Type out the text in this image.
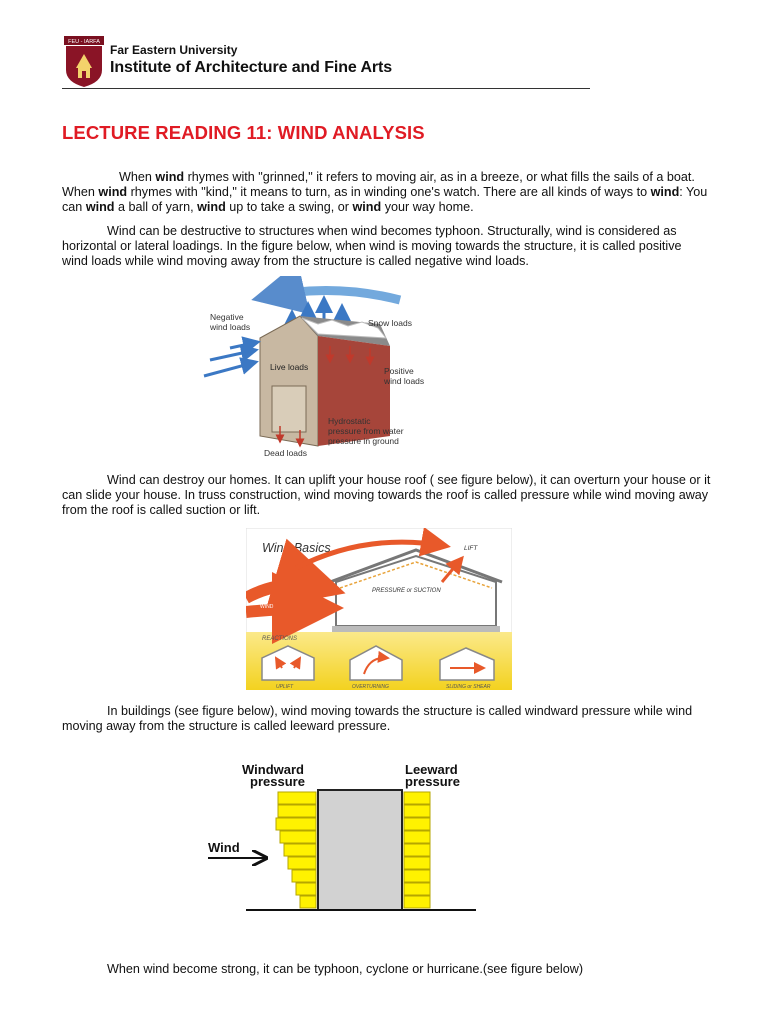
FEU - IARFA
Far Eastern University
Institute of Architecture and Fine Arts
LECTURE READING 11: WIND ANALYSIS
When wind rhymes with "grinned," it refers to moving air, as in a breeze, or what fills the sails of a boat.
When wind rhymes with "kind," it means to turn, as in winding one's watch. There are all kinds of ways to wind: You
can wind a ball of yarn, wind up to take a swing, or wind your way home.
Wind can be destructive to structures when wind becomes typhoon. Structurally, wind is considered as
horizontal or lateral loadings. In the figure below, when wind is moving towards the structure, it is called positive
wind loads while wind moving away from the structure is called negative wind loads.
Negative
wind loads	Snow loads
Live loads	Positive
wind loads
Hydrostatic
pressure from water
pressure in ground
Dead loads
Wind can destroy our homes. It can uplift your house roof ( see figure below), it can overturn your house or it
can slide your house. In truss construction, wind moving towards the roof is called pressure while wind moving away
from the roof is called suction or lift.
Wind Basics	LIFT
PRESSURE or SUCTION
WIND
REACTIONS
UPLIFT	OVERTURNING	SLIDING or SHEAR
In buildings (see figure below), wind moving towards the structure is called windward pressure while wind
moving away from the structure is called leeward pressure.
Windward
pressure
Leeward
pressure
Wind
When wind become strong, it can be typhoon, cyclone or hurricane.(see figure below)
